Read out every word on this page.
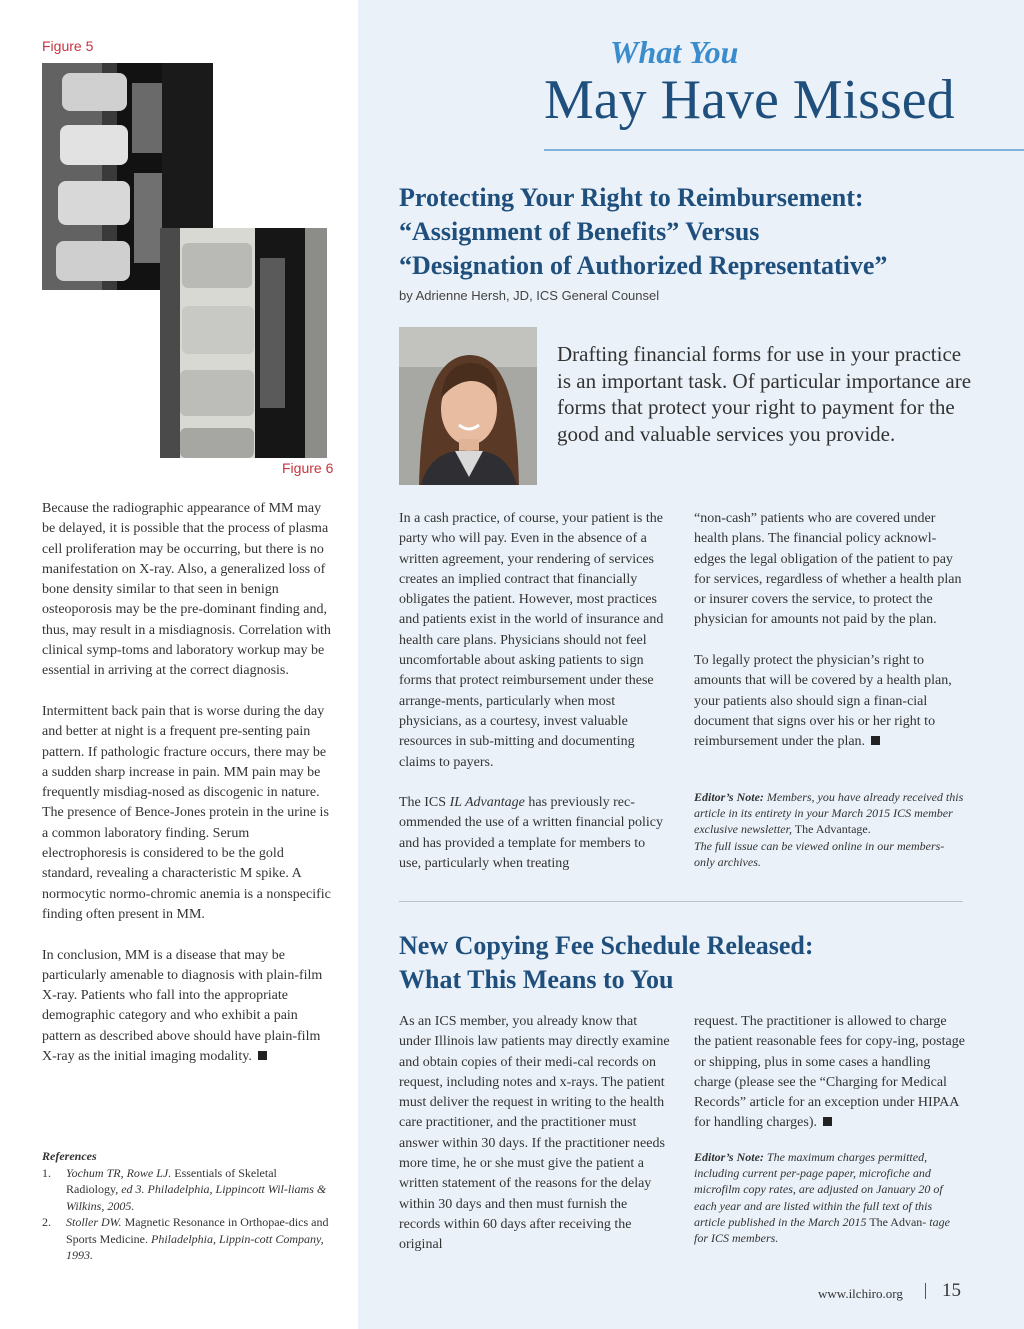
Figure 5
Figure 6

Because the radiographic appearance of MM may be delayed, it is possible that the process of plasma cell proliferation may be occurring, but there is no manifestation on X-ray. Also, a generalized loss of bone density similar to that seen in benign osteoporosis may be the pre-dominant finding and, thus, may result in a misdiagnosis. Correlation with clinical symp-toms and laboratory workup may be essential in arriving at the correct diagnosis.

Intermittent back pain that is worse during the day and better at night is a frequent pre-senting pain pattern. If pathologic fracture occurs, there may be a sudden sharp increase in pain. MM pain may be frequently misdiag-nosed as discogenic in nature. The presence of Bence-Jones protein in the urine is a common laboratory finding. Serum electrophoresis is considered to be the gold standard, revealing a characteristic M spike. A normocytic normo-chromic anemia is a nonspecific finding often present in MM.

In conclusion, MM is a disease that may be particularly amenable to diagnosis with plain-film X-ray. Patients who fall into the appropriate demographic category and who exhibit a pain pattern as described above should have plain-film X-ray as the initial imaging modality.

References
1.	Yochum TR, Rowe LJ. Essentials of Skeletal Radiology, ed 3. Philadelphia, Lippincott Wil-liams & Wilkins, 2005.
2.	Stoller DW. Magnetic Resonance in Orthopae-dics and Sports Medicine. Philadelphia, Lippin-cott Company, 1993.
What You
May Have Missed
Protecting Your Right to Reimbursement:
“Assignment of Benefits” Versus
“Designation of Authorized Representative”
by Adrienne Hersh, JD, ICS General Counsel
Drafting financial forms for use in your practice is an important task. Of particular importance are forms that protect your right to payment for the good and valuable services you provide.

In a cash practice, of course, your patient is the party who will pay. Even in the absence of a written agreement, your rendering of services creates an implied contract that financially obligates the patient. However, most practices and patients exist in the world of insurance and health care plans. Physicians should not feel uncomfortable about asking patients to sign forms that protect reimbursement under these arrange-ments, particularly when most physicians, as a courtesy, invest valuable resources in sub-mitting and documenting claims to payers.

The ICS IL Advantage has previously rec-ommended the use of a written financial policy and has provided a template for members to use, particularly when treating

“non-cash” patients who are covered under health plans. The financial policy acknowl-edges the legal obligation of the patient to pay for services, regardless of whether a health plan or insurer covers the service, to protect the physician for amounts not paid by the plan.

To legally protect the physician’s right to amounts that will be covered by a health plan, your patients also should sign a finan-cial document that signs over his or her right to reimbursement under the plan.

Editor’s Note: Members, you have already received this article in its entirety in your March 2015 ICS member exclusive newsletter, The Advantage.
The full issue can be viewed online in our members-only archives.
New Copying Fee Schedule Released:
What This Means to You

As an ICS member, you already know that under Illinois law patients may directly examine and obtain copies of their medi-cal records on request, including notes and x-rays. The patient must deliver the request in writing to the health care practitioner, and the practitioner must answer within 30 days. If the practitioner needs more time, he or she must give the patient a written statement of the reasons for the delay within 30 days and then must furnish the records within 60 days after receiving the original

request. The practitioner is allowed to charge the patient reasonable fees for copy-ing, postage or shipping, plus in some cases a handling charge (please see the “Charging for Medical Records” article for an exception under HIPAA for handling charges).

Editor’s Note: The maximum charges permitted, including current per-page paper, microfiche and microfilm copy rates, are adjusted on January 20 of each year and are listed within the full text of this article published in the March 2015 The Advan- tage for ICS members.
www.ilchiro.org 15
